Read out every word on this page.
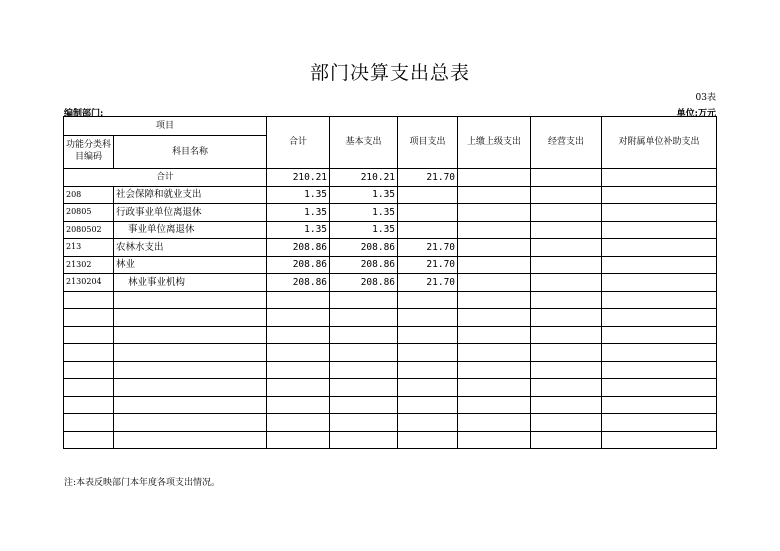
部门决算支出总表
03表
编制部门:	单位:万元
项目		合计	基本支出	项目支出	上缴上级支出	经营支出	对附属单位补助支出
功能分类科目编码	科目名称						
合计		210.21	210.21	21.70			
208	社会保障和就业支出	1.35	1.35				
20805	行政事业单位离退休	1.35	1.35				
2080502	事业单位离退休	1.35	1.35				
213	农林水支出	208.86	208.86	21.70			
21302	林业	208.86	208.86	21.70			
2130204	林业事业机构	208.86	208.86	21.70			

注:本表反映部门本年度各项支出情况。
